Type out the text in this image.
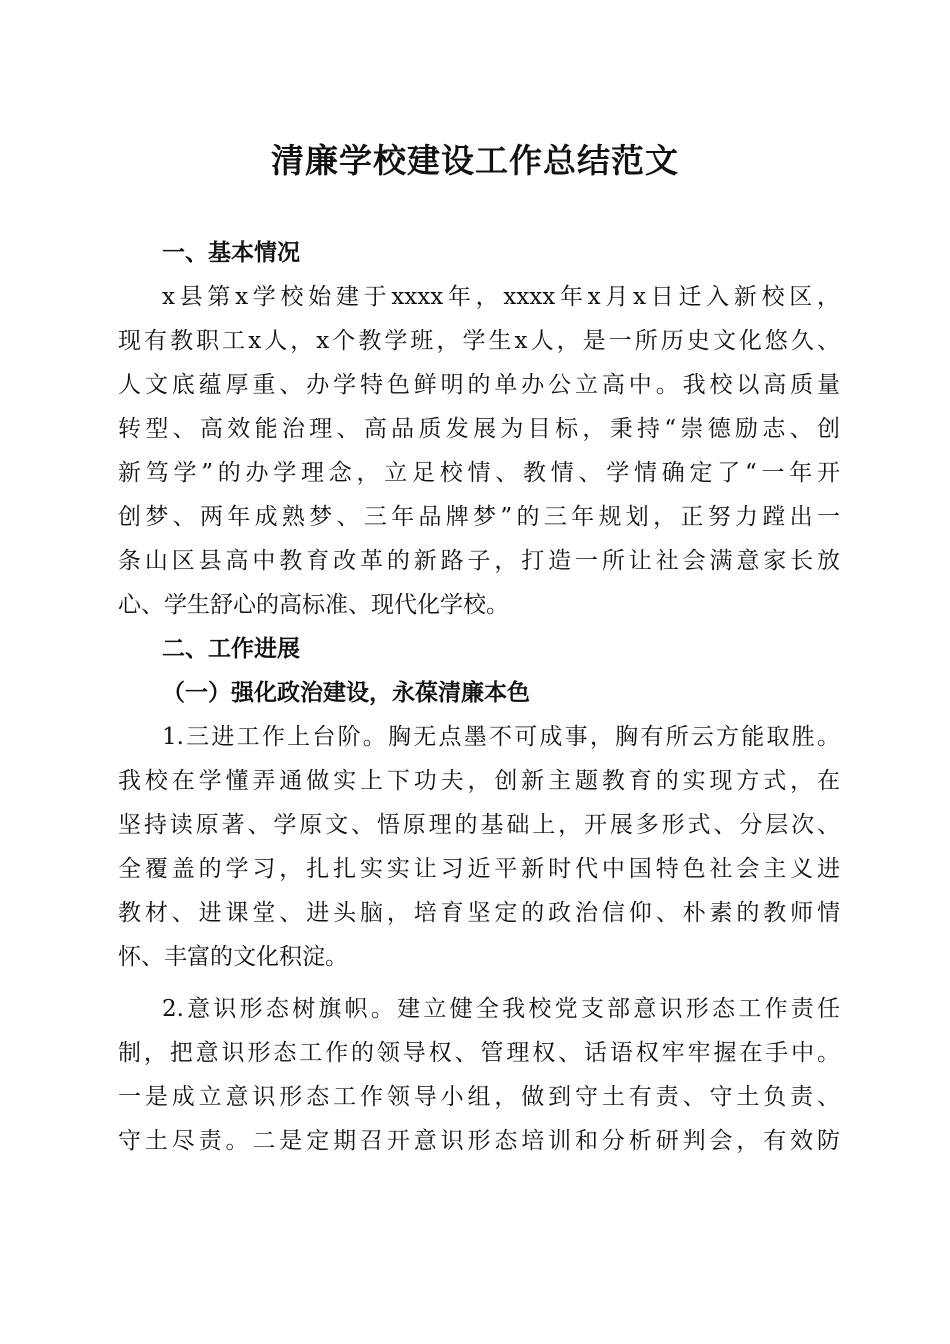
清廉学校建设工作总结范文
一、基本情况
x县第x学校始建于xxxx年，xxxx年x月x日迁入新校区，
现有教职工x人，x个教学班，学生x人，是一所历史文化悠久、
人文底蕴厚重、办学特色鲜明的单办公立高中。我校以高质量
转型、高效能治理、高品质发展为目标，秉持“崇德励志、创
新笃学”的办学理念，立足校情、教情、学情确定了“一年开
创梦、两年成熟梦、三年品牌梦”的三年规划，正努力蹚出一
条山区县高中教育改革的新路子，打造一所让社会满意家长放
心、学生舒心的高标准、现代化学校。
二、工作进展
（一）强化政治建设，永葆清廉本色
1.三进工作上台阶。胸无点墨不可成事，胸有所云方能取胜。
我校在学懂弄通做实上下功夫，创新主题教育的实现方式，在
坚持读原著、学原文、悟原理的基础上，开展多形式、分层次、
全覆盖的学习，扎扎实实让习近平新时代中国特色社会主义进
教材、进课堂、进头脑，培育坚定的政治信仰、朴素的教师情
怀、丰富的文化积淀。
2.意识形态树旗帜。建立健全我校党支部意识形态工作责任
制，把意识形态工作的领导权、管理权、话语权牢牢握在手中。
一是成立意识形态工作领导小组，做到守土有责、守土负责、
守土尽责。二是定期召开意识形态培训和分析研判会，有效防
